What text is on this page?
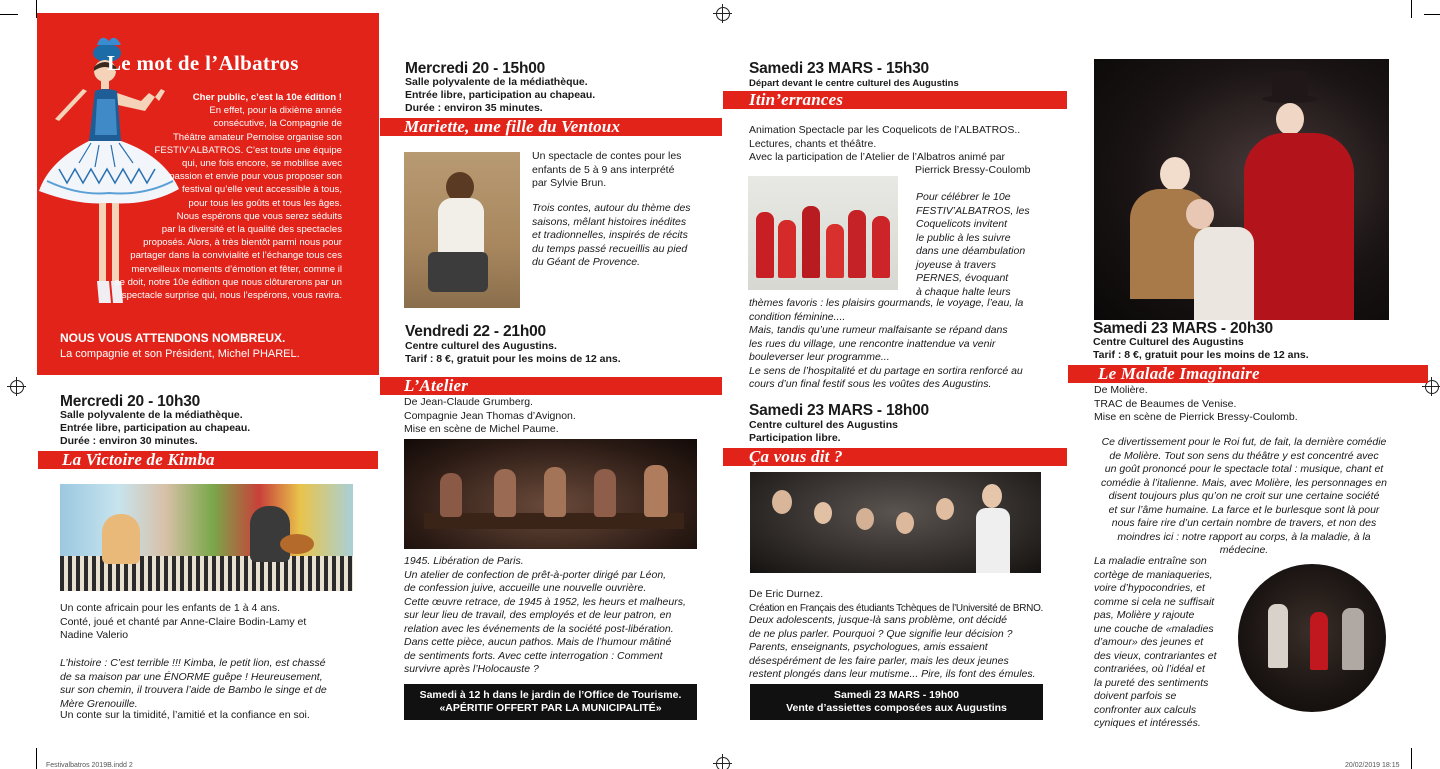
Festivalbatros 2019B.indd 2	20/02/2019 18:15
Le mot de l’Albatros
Cher public, c’est la 10e édition !
En effet, pour la dixième année
consécutive, la Compagnie de
Théâtre amateur Pernoise organise son
FESTIV’ALBATROS. C’est toute une équipe
qui, une fois encore, se mobilise avec
passion et envie pour vous proposer son
festival qu’elle veut accessible à tous,
pour tous les goûts et tous les âges.
Nous espérons que vous serez séduits
par la diversité et la qualité des spectacles
proposés. Alors, à très bientôt parmi nous pour
partager dans la convivialité et l’échange tous ces
merveilleux moments d’émotion et fêter, comme il
se doit, notre 10e édition que nous clôturerons par un
spectacle surprise qui, nous l’espérons, vous ravira.
NOUS VOUS ATTENDONS NOMBREUX.
La compagnie et son Président, Michel PHAREL.
Mercredi 20 - 10h30
Salle polyvalente de la médiathèque.
Entrée libre, participation au chapeau.
Durée : environ 30 minutes.
La Victoire de Kimba
Un conte africain pour les enfants de 1 à 4 ans.
Conté, joué et chanté par Anne-Claire Bodin-Lamy et
Nadine Valerio
L’histoire : C’est terrible !!! Kimba, le petit lion, est chassé
de sa maison par une ÉNORME guêpe ! Heureusement,
sur son chemin, il trouvera l’aide de Bambo le singe et de
Mère Grenouille.
Un conte sur la timidité, l’amitié et la confiance en soi.
Mercredi 20 - 15h00
Salle polyvalente de la médiathèque.
Entrée libre, participation au chapeau.
Durée : environ 35 minutes.
Mariette, une fille du Ventoux
Un spectacle de contes pour les
enfants de 5 à 9 ans interprété
par Sylvie Brun.
Trois contes, autour du thème des
saisons, mêlant histoires inédites
et tradionnelles, inspirés de récits
du temps passé recueillis au pied
du Géant de Provence.
Vendredi 22 - 21h00
Centre culturel des Augustins.
Tarif : 8 €, gratuit pour les moins de 12 ans.
L’Atelier
De Jean-Claude Grumberg.
Compagnie Jean Thomas d’Avignon.
Mise en scène de Michel Paume.
1945. Libération de Paris.
Un atelier de confection de prêt-à-porter dirigé par Léon,
de confession juive, accueille une nouvelle ouvrière.
Cette œuvre retrace, de 1945 à 1952, les heurs et malheurs,
sur leur lieu de travail, des employés et de leur patron, en
relation avec les événements de la société post-libération.
Dans cette pièce, aucun pathos. Mais de l’humour mâtiné
de sentiments forts. Avec cette interrogation : Comment
survivre après l’Holocauste ?
Samedi à 12 h dans le jardin de l’Office de Tourisme.
«APÉRITIF OFFERT PAR LA MUNICIPALITÉ»
Samedi 23 MARS - 15h30
Départ devant le centre culturel des Augustins
Itin’errances
Animation Spectacle par les Coquelicots de l’ALBATROS..
Lectures, chants et théâtre.
Avec la participation de l’Atelier de l’Albatros animé par
Pierrick Bressy-Coulomb
Pour célébrer le 10e
FESTIV’ALBATROS, les
Coquelicots invitent
le public à les suivre
dans une déambulation
joyeuse à travers
PERNES, évoquant
à chaque halte leurs
thèmes favoris : les plaisirs gourmands, le voyage, l’eau, la
condition féminine....
Mais, tandis qu’une rumeur malfaisante se répand dans
les rues du village, une rencontre inattendue va venir
bouleverser leur programme...
Le sens de l’hospitalité et du partage en sortira renforcé au
cours d’un final festif sous les voûtes des Augustins.
Samedi 23 MARS - 18h00
Centre culturel des Augustins
Participation libre.
Ça vous dit ?
De Eric Durnez.
Création en Français des étudiants Tchèques de l’Université de BRNO.
Deux adolescents, jusque-là sans problème, ont décidé
de ne plus parler. Pourquoi ? Que signifie leur décision ?
Parents, enseignants, psychologues, amis essaient
désespérément de les faire parler, mais les deux jeunes
restent plongés dans leur mutisme... Pire, ils font des émules.
Samedi 23 MARS - 19h00
Vente d’assiettes composées aux Augustins
Samedi 23 MARS - 20h30
Centre Culturel des Augustins
Tarif : 8 €, gratuit pour les moins de 12 ans.
Le Malade Imaginaire
De Molière.
TRAC de Beaumes de Venise.
Mise en scène de Pierrick Bressy-Coulomb.
Ce divertissement pour le Roi fut, de fait, la dernière comédie
de Molière. Tout son sens du théâtre y est concentré avec
un goût prononcé pour le spectacle total : musique, chant et
comédie à l’italienne. Mais, avec Molière, les personnages en
disent toujours plus qu’on ne croit sur une certaine société
et sur l’âme humaine. La farce et le burlesque sont là pour
nous faire rire d’un certain nombre de travers, et non des
moindres ici : notre rapport au corps, à la maladie, à la
médecine.
La maladie entraîne son
cortège de maniaqueries,
voire d’hypocondries, et
comme si cela ne suffisait
pas, Molière y rajoute
une couche de «maladies
d’amour» des jeunes et
des vieux, contrariantes et
contrariées, où l’idéal et
la pureté des sentiments
doivent parfois se
confronter aux calculs
cyniques et intéressés.
